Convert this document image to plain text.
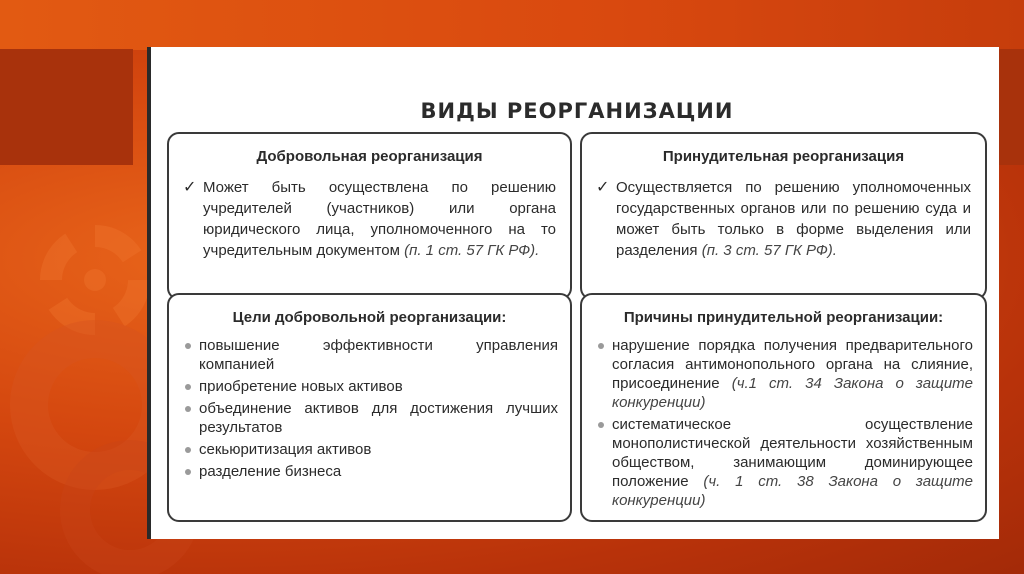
ВИДЫ РЕОРГАНИЗАЦИИ
Добровольная реорганизация
✓ Может быть осуществлена по решению учредителей (участников) или органа юридического лица, уполномоченного на то учредительным документом (п. 1 ст. 57 ГК РФ).
Принудительная реорганизация
✓ Осуществляется по решению уполномоченных государственных органов или по решению суда и может быть только в форме выделения или разделения (п. 3 ст. 57 ГК РФ).
Цели добровольной реорганизации:
повышение эффективности управления компанией
приобретение новых активов
объединение активов для достижения лучших результатов
секьюритизация активов
разделение бизнеса
Причины принудительной реорганизации:
нарушение порядка получения предварительного согласия антимонопольного органа на слияние, присоединение (ч.1 ст. 34 Закона о защите конкуренции)
систематическое осуществление монополистической деятельности хозяйственным обществом, занимающим доминирующее положение (ч. 1 ст. 38 Закона о защите конкуренции)
